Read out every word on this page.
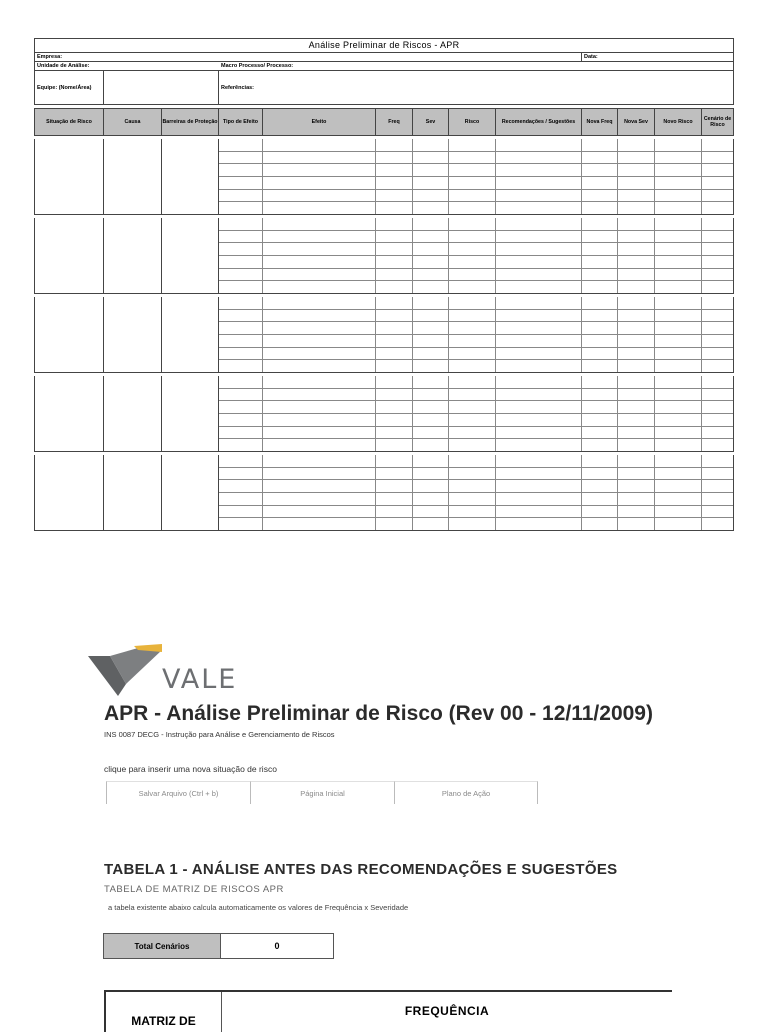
Análise Preliminar de Riscos - APR
Empresa:	Data:
Unidade de Análise:	Macro Processo/ Processo:
Equipe: (Nome/Área)	Referências:
Situação de Risco	Causa	Barreiras de Proteção	Tipo de Efeito	Efeito	Freq	Sev	Risco	Recomendações / Sugestões	Nova Freq	Nova Sev	Novo Risco	Cenário de Risco
VALE
APR - Análise Preliminar de Risco (Rev 00 - 12/11/2009)
INS 0087 DECG - Instrução para Análise e Gerenciamento de Riscos
clique para inserir uma nova situação de risco
Salvar Arquivo (Ctrl + b)	Página Inicial	Plano de Ação
TABELA 1 - ANÁLISE ANTES DAS RECOMENDAÇÕES E SUGESTÕES
TABELA DE MATRIZ DE RISCOS APR
a tabela existente abaixo calcula automaticamente os valores de Frequência x Severidade
Total Cenários	0
MATRIZ DE
FREQUÊNCIA
